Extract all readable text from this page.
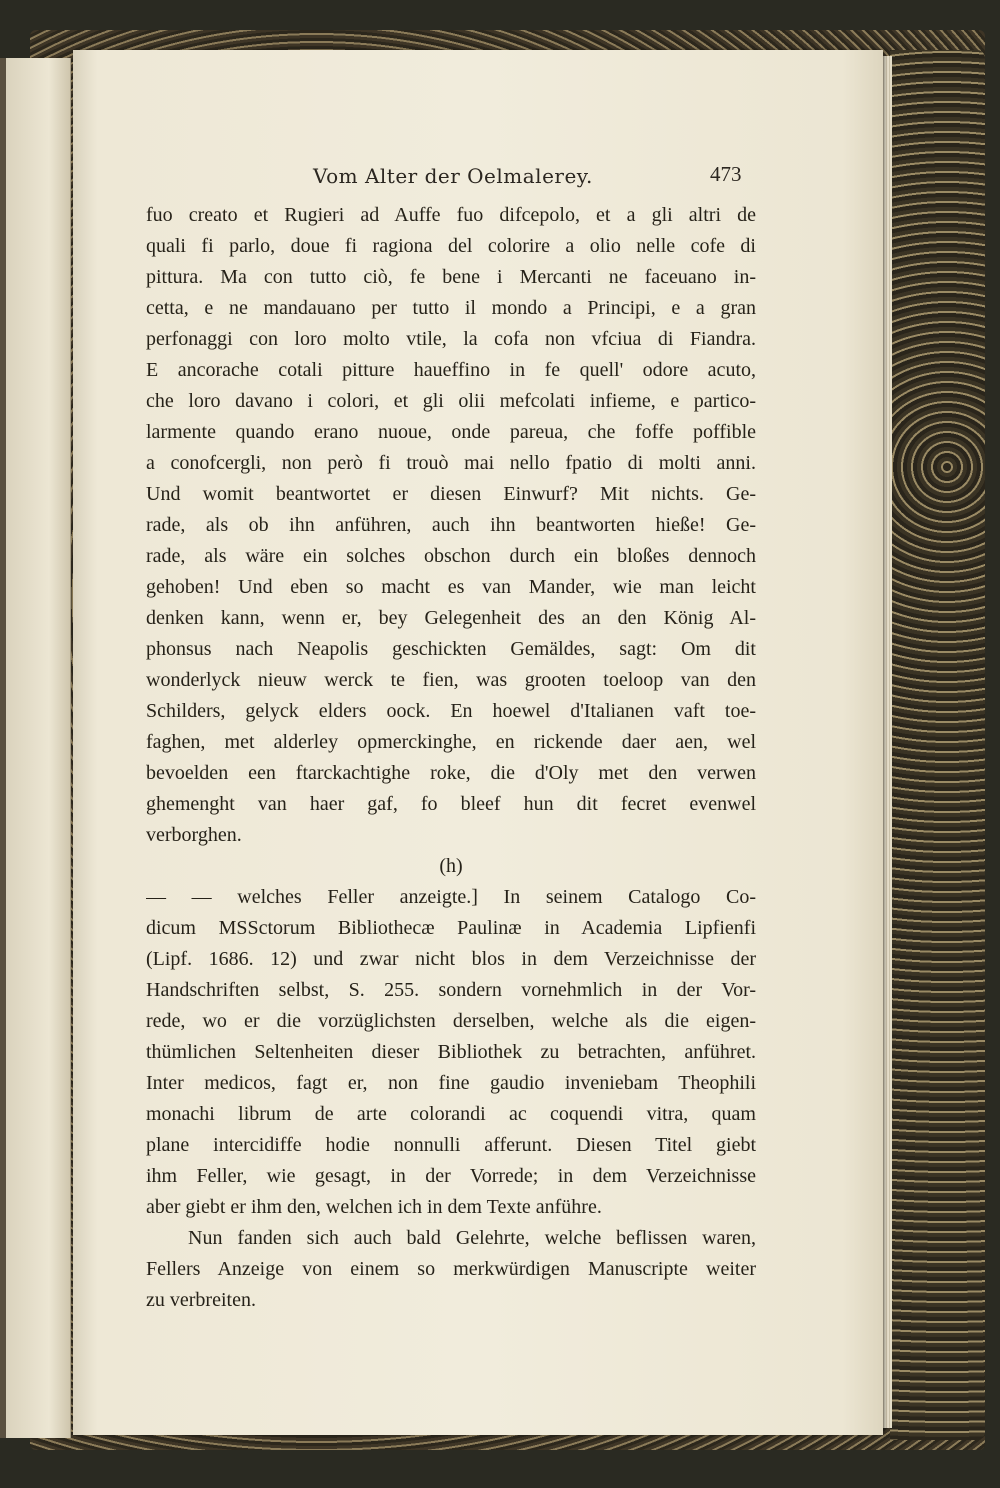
Vom Alter der Oelmalerey.	473
fuo creato et Rugieri ad Auffe fuo difcepolo, et a gli altri de
quali fi parlo, doue fi ragiona del colorire a olio nelle cofe di
pittura. Ma con tutto ciò, fe bene i Mercanti ne faceuano in-
cetta, e ne mandauano per tutto il mondo a Principi, e a gran
perfonaggi con loro molto vtile, la cofa non vfciua di Fiandra.
E ancorache cotali pitture haueffino in fe quell' odore acuto,
che loro davano i colori, et gli olii mefcolati infieme, e partico-
larmente quando erano nuoue, onde pareua, che foffe poffible
a conofcergli, non però fi trouò mai nello fpatio di molti anni.
Und womit beantwortet er diesen Einwurf? Mit nichts. Ge-
rade, als ob ihn anführen, auch ihn beantworten hieße! Ge-
rade, als wäre ein solches obschon durch ein bloßes dennoch
gehoben! Und eben so macht es van Mander, wie man leicht
denken kann, wenn er, bey Gelegenheit des an den König Al-
phonsus nach Neapolis geschickten Gemäldes, sagt: Om dit
wonderlyck nieuw werck te fien, was grooten toeloop van den
Schilders, gelyck elders oock. En hoewel d'Italianen vaft toe-
faghen, met alderley opmerckinghe, en rickende daer aen, wel
bevoelden een ftarckachtighe roke, die d'Oly met den verwen
ghemenght van haer gaf, fo bleef hun dit fecret evenwel
verborghen.
(h)
— — welches Feller anzeigte.] In seinem Catalogo Co-
dicum MSSctorum Bibliothecæ Paulinæ in Academia Lipfienfi
(Lipf. 1686. 12) und zwar nicht blos in dem Verzeichnisse der
Handschriften selbst, S. 255. sondern vornehmlich in der Vor-
rede, wo er die vorzüglichsten derselben, welche als die eigen-
thümlichen Seltenheiten dieser Bibliothek zu betrachten, anführet.
Inter medicos, fagt er, non fine gaudio inveniebam Theophili
monachi librum de arte colorandi ac coquendi vitra, quam
plane intercidiffe hodie nonnulli afferunt. Diesen Titel giebt
ihm Feller, wie gesagt, in der Vorrede; in dem Verzeichnisse
aber giebt er ihm den, welchen ich in dem Texte anführe.
Nun fanden sich auch bald Gelehrte, welche beflissen waren,
Fellers Anzeige von einem so merkwürdigen Manuscripte weiter
zu verbreiten.
